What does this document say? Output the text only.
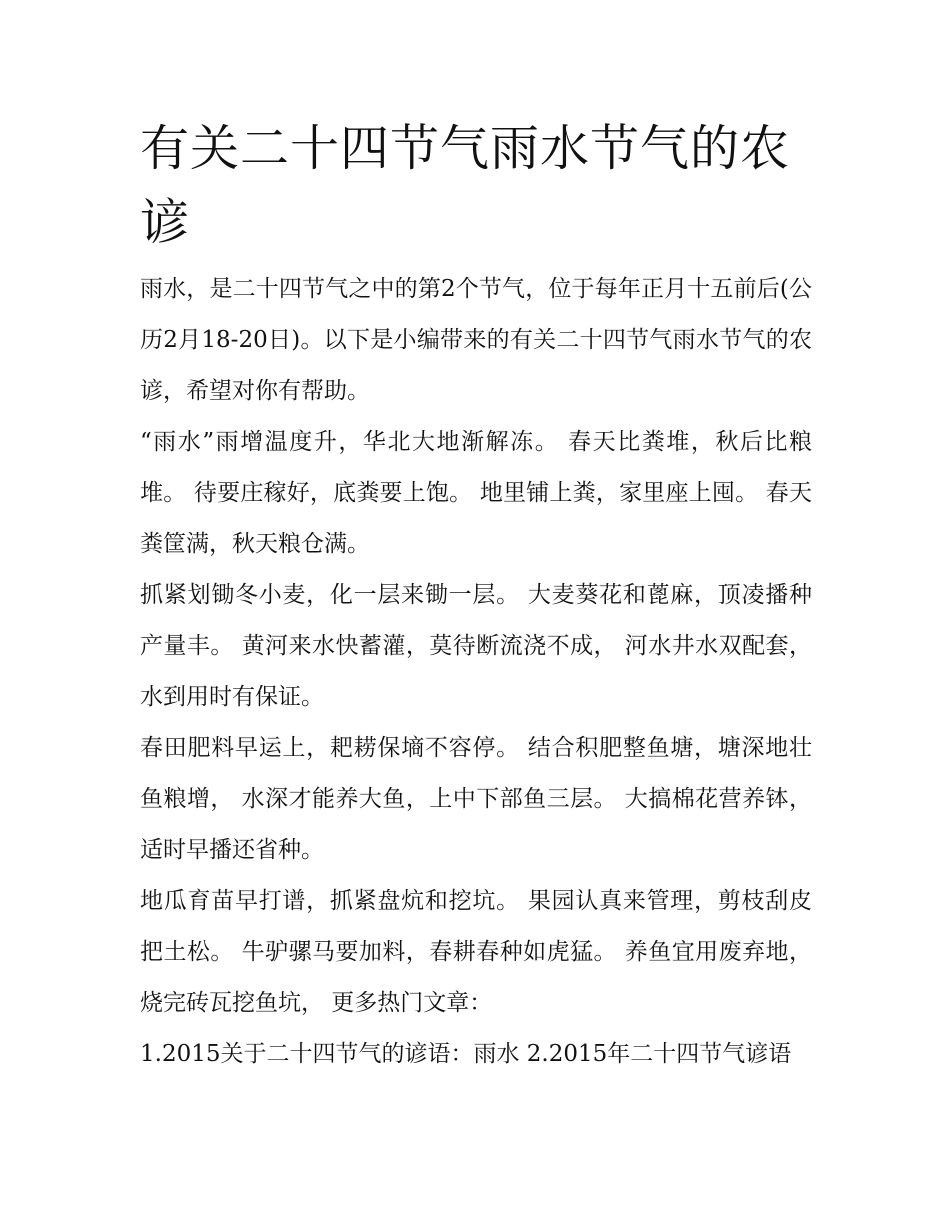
有关二十四节气雨水节气的农谚

雨水，是二十四节气之中的第2个节气，位于每年正月十五前后(公历2月18-20日)。以下是小编带来的有关二十四节气雨水节气的农谚，希望对你有帮助。

“雨水”雨增温度升，华北大地渐解冻。 春天比粪堆，秋后比粮堆。 待要庄稼好，底粪要上饱。 地里铺上粪，家里座上囤。 春天粪筐满，秋天粮仓满。

抓紧划锄冬小麦，化一层来锄一层。 大麦葵花和蓖麻，顶凌播种产量丰。 黄河来水快蓄灌，莫待断流浇不成， 河水井水双配套，水到用时有保证。

春田肥料早运上，耙耢保墒不容停。 结合积肥整鱼塘，塘深地壮鱼粮增， 水深才能养大鱼，上中下部鱼三层。 大搞棉花营养钵，适时早播还省种。

地瓜育苗早打谱，抓紧盘炕和挖坑。 果园认真来管理，剪枝刮皮把土松。 牛驴骡马要加料，春耕春种如虎猛。 养鱼宜用废弃地，烧完砖瓦挖鱼坑， 更多热门文章：

1.2015关于二十四节气的谚语：雨水 2.2015年二十四节气谚语
